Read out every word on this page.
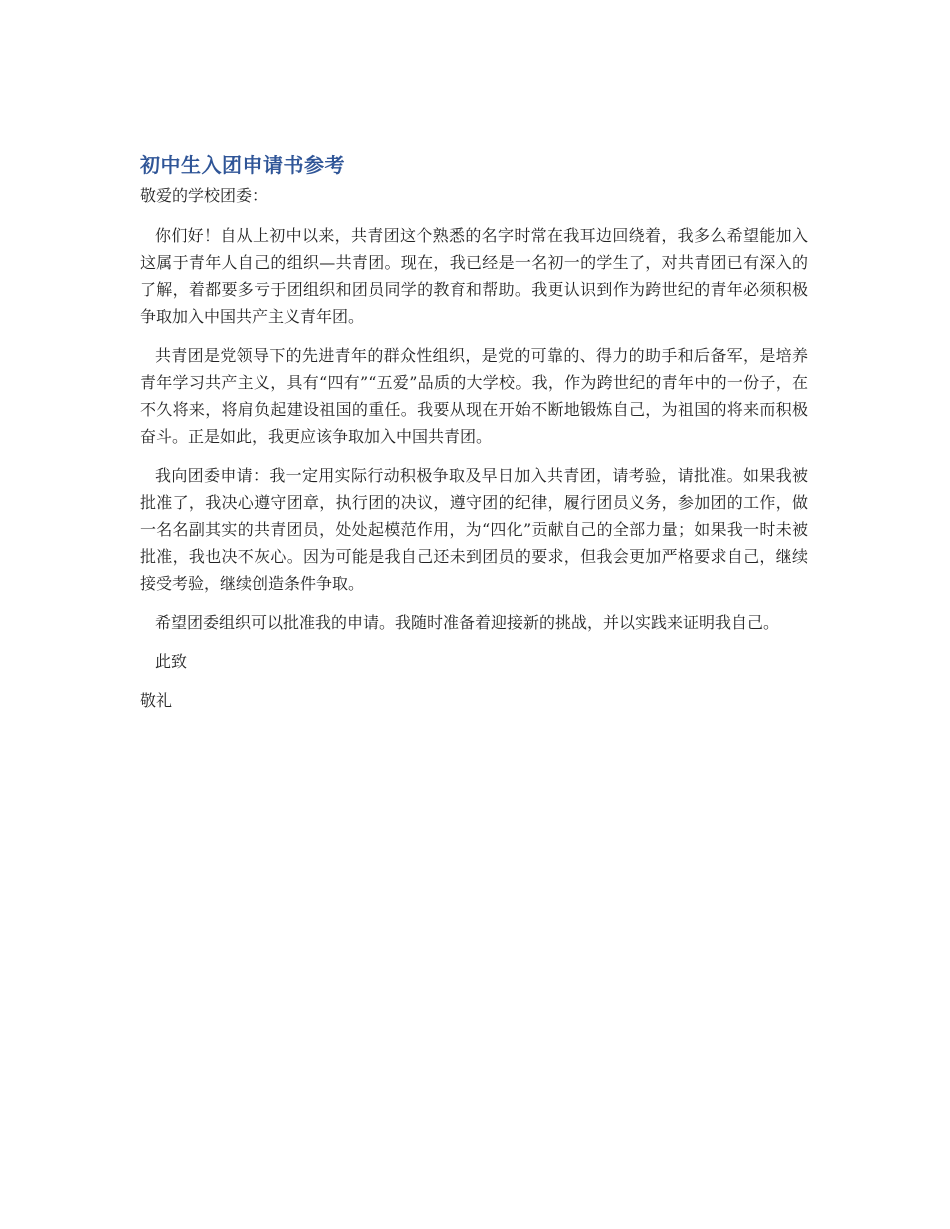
初中生入团申请书参考

敬爱的学校团委：

你们好！自从上初中以来，共青团这个熟悉的名字时常在我耳边回绕着，我多么希望能加入这属于青年人自己的组织—共青团。现在，我已经是一名初一的学生了，对共青团已有深入的了解，着都要多亏于团组织和团员同学的教育和帮助。我更认识到作为跨世纪的青年必须积极争取加入中国共产主义青年团。

共青团是党领导下的先进青年的群众性组织，是党的可靠的、得力的助手和后备军，是培养青年学习共产主义，具有“四有”“五爱”品质的大学校。我，作为跨世纪的青年中的一份子，在不久将来，将肩负起建设祖国的重任。我要从现在开始不断地锻炼自己，为祖国的将来而积极奋斗。正是如此，我更应该争取加入中国共青团。

我向团委申请：我一定用实际行动积极争取及早日加入共青团，请考验，请批准。如果我被批准了，我决心遵守团章，执行团的决议，遵守团的纪律，履行团员义务，参加团的工作，做一名名副其实的共青团员，处处起模范作用，为“四化”贡献自己的全部力量；如果我一时未被批准，我也决不灰心。因为可能是我自己还未到团员的要求，但我会更加严格要求自己，继续接受考验，继续创造条件争取。

希望团委组织可以批准我的申请。我随时准备着迎接新的挑战，并以实践来证明我自己。

此致

敬礼
